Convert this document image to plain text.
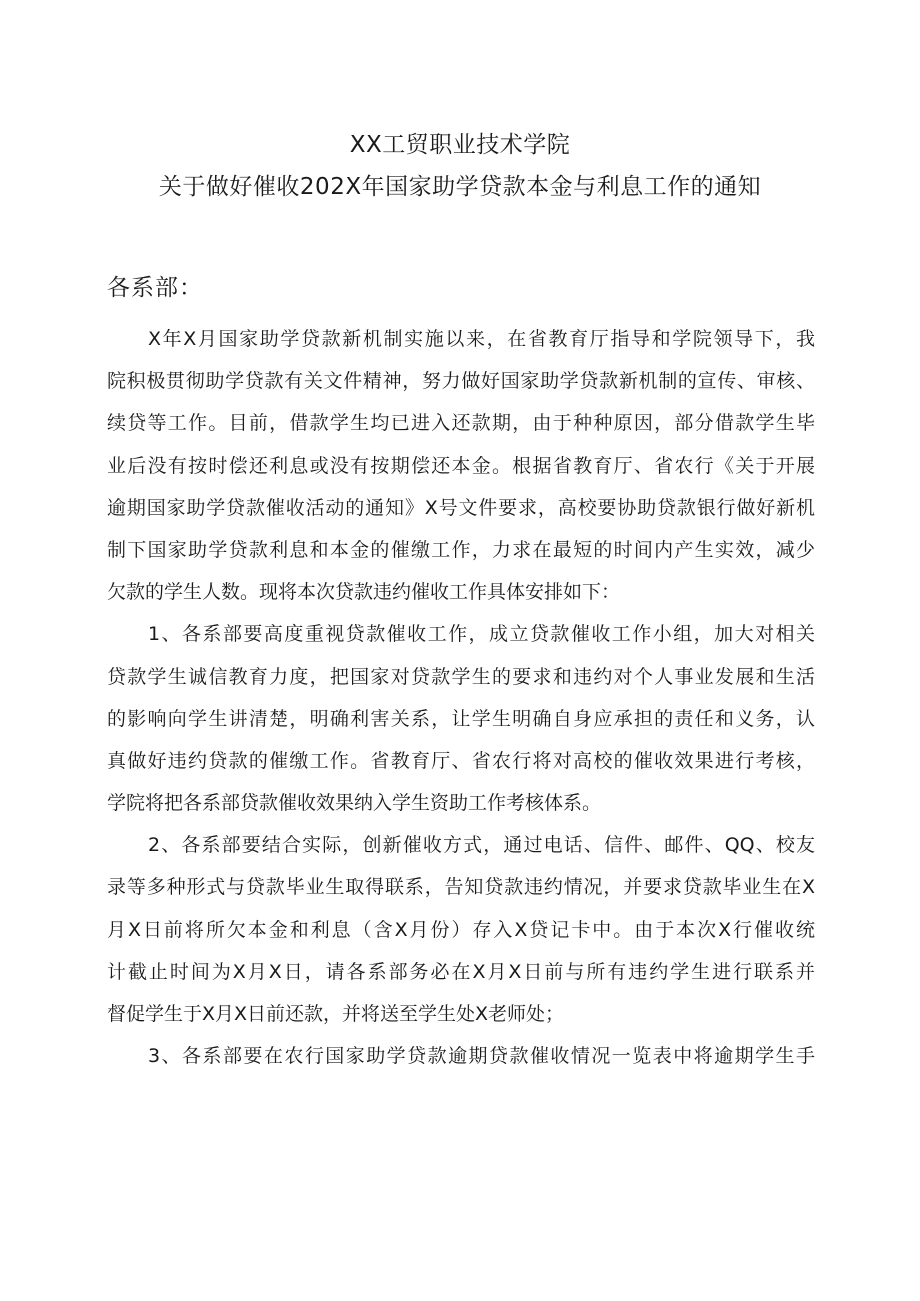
XX工贸职业技术学院
关于做好催收202X年国家助学贷款本金与利息工作的通知
各系部：
X年X月国家助学贷款新机制实施以来，在省教育厅指导和学院领导下，我
院积极贯彻助学贷款有关文件精神，努力做好国家助学贷款新机制的宣传、审核、
续贷等工作。目前，借款学生均已进入还款期，由于种种原因，部分借款学生毕
业后没有按时偿还利息或没有按期偿还本金。根据省教育厅、省农行《关于开展
逾期国家助学贷款催收活动的通知》X号文件要求，高校要协助贷款银行做好新机
制下国家助学贷款利息和本金的催缴工作，力求在最短的时间内产生实效，减少
欠款的学生人数。现将本次贷款违约催收工作具体安排如下：
1、各系部要高度重视贷款催收工作，成立贷款催收工作小组，加大对相关
贷款学生诚信教育力度，把国家对贷款学生的要求和违约对个人事业发展和生活
的影响向学生讲清楚，明确利害关系，让学生明确自身应承担的责任和义务，认
真做好违约贷款的催缴工作。省教育厅、省农行将对高校的催收效果进行考核，
学院将把各系部贷款催收效果纳入学生资助工作考核体系。
2、各系部要结合实际，创新催收方式，通过电话、信件、邮件、QQ、校友
录等多种形式与贷款毕业生取得联系，告知贷款违约情况，并要求贷款毕业生在X
月X日前将所欠本金和利息（含X月份）存入X贷记卡中。由于本次X行催收统
计截止时间为X月X日，请各系部务必在X月X日前与所有违约学生进行联系并
督促学生于X月X日前还款，并将送至学生处X老师处；
3、各系部要在农行国家助学贷款逾期贷款催收情况一览表中将逾期学生手
